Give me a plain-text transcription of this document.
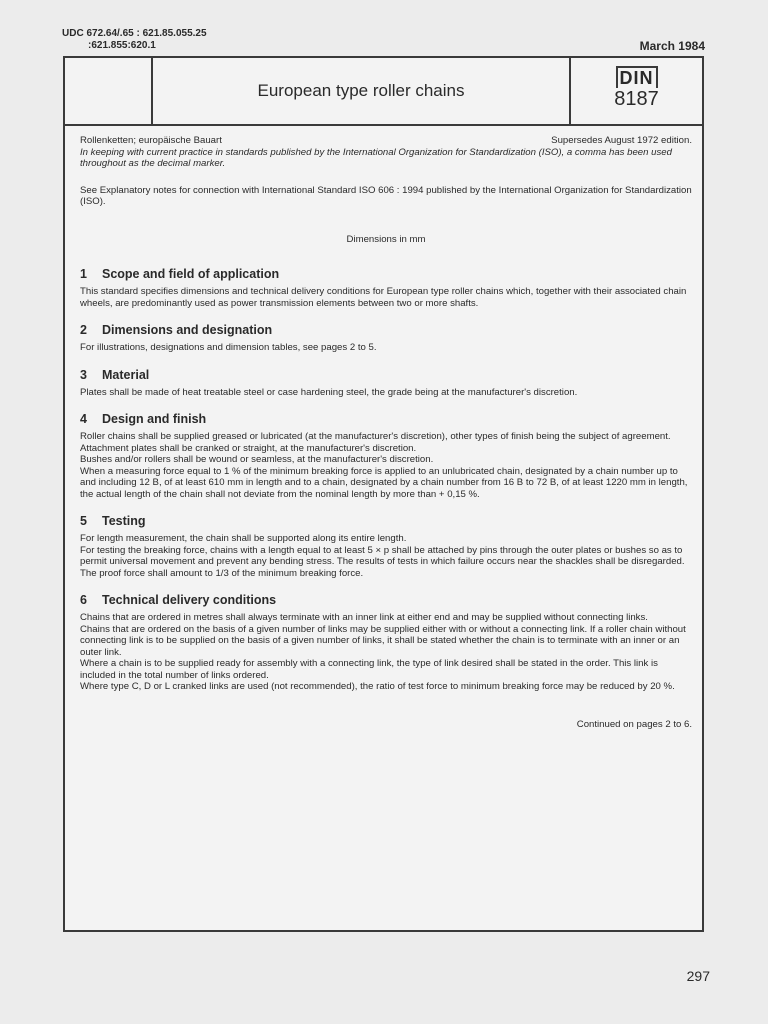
UDC 672.64/.65 : 621.85.055.25
:621.855:620.1	March 1984
European type roller chains
DIN
8187
Rollenketten; europäische Bauart	Supersedes August 1972 edition.

In keeping with current practice in standards published by the International Organization for Standardization (ISO), a comma has been used throughout as the decimal marker.

See Explanatory notes for connection with International Standard ISO 606 : 1994 published by the International Organization for Standardization (ISO).

Dimensions in mm

1 Scope and field of application

This standard specifies dimensions and technical delivery conditions for European type roller chains which, together with their associated chain wheels, are predominantly used as power transmission elements between two or more shafts.

2 Dimensions and designation

For illustrations, designations and dimension tables, see pages 2 to 5.

3 Material

Plates shall be made of heat treatable steel or case hardening steel, the grade being at the manufacturer's discretion.

4 Design and finish

Roller chains shall be supplied greased or lubricated (at the manufacturer's discretion), other types of finish being the subject of agreement.

Attachment plates shall be cranked or straight, at the manufacturer's discretion.

Bushes and/or rollers shall be wound or seamless, at the manufacturer's discretion.

When a measuring force equal to 1 % of the minimum breaking force is applied to an unlubricated chain, designated by a chain number up to and including 12 B, of at least 610 mm in length and to a chain, designated by a chain number from 16 B to 72 B, of at least 1220 mm in length, the actual length of the chain shall not deviate from the nominal length by more than + 0,15 %.

5 Testing

For length measurement, the chain shall be supported along its entire length.

For testing the breaking force, chains with a length equal to at least 5 × p shall be attached by pins through the outer plates or bushes so as to permit universal movement and prevent any bending stress. The results of tests in which failure occurs near the shackles shall be disregarded. The proof force shall amount to 1/3 of the minimum breaking force.

6 Technical delivery conditions

Chains that are ordered in metres shall always terminate with an inner link at either end and may be supplied without connecting links.

Chains that are ordered on the basis of a given number of links may be supplied either with or without a connecting link. If a roller chain without connecting link is to be supplied on the basis of a given number of links, it shall be stated whether the chain is to terminate with an inner or an outer link.

Where a chain is to be supplied ready for assembly with a connecting link, the type of link desired shall be stated in the order. This link is included in the total number of links ordered.

Where type C, D or L cranked links are used (not recommended), the ratio of test force to minimum breaking force may be reduced by 20 %.

Continued on pages 2 to 6.
297
